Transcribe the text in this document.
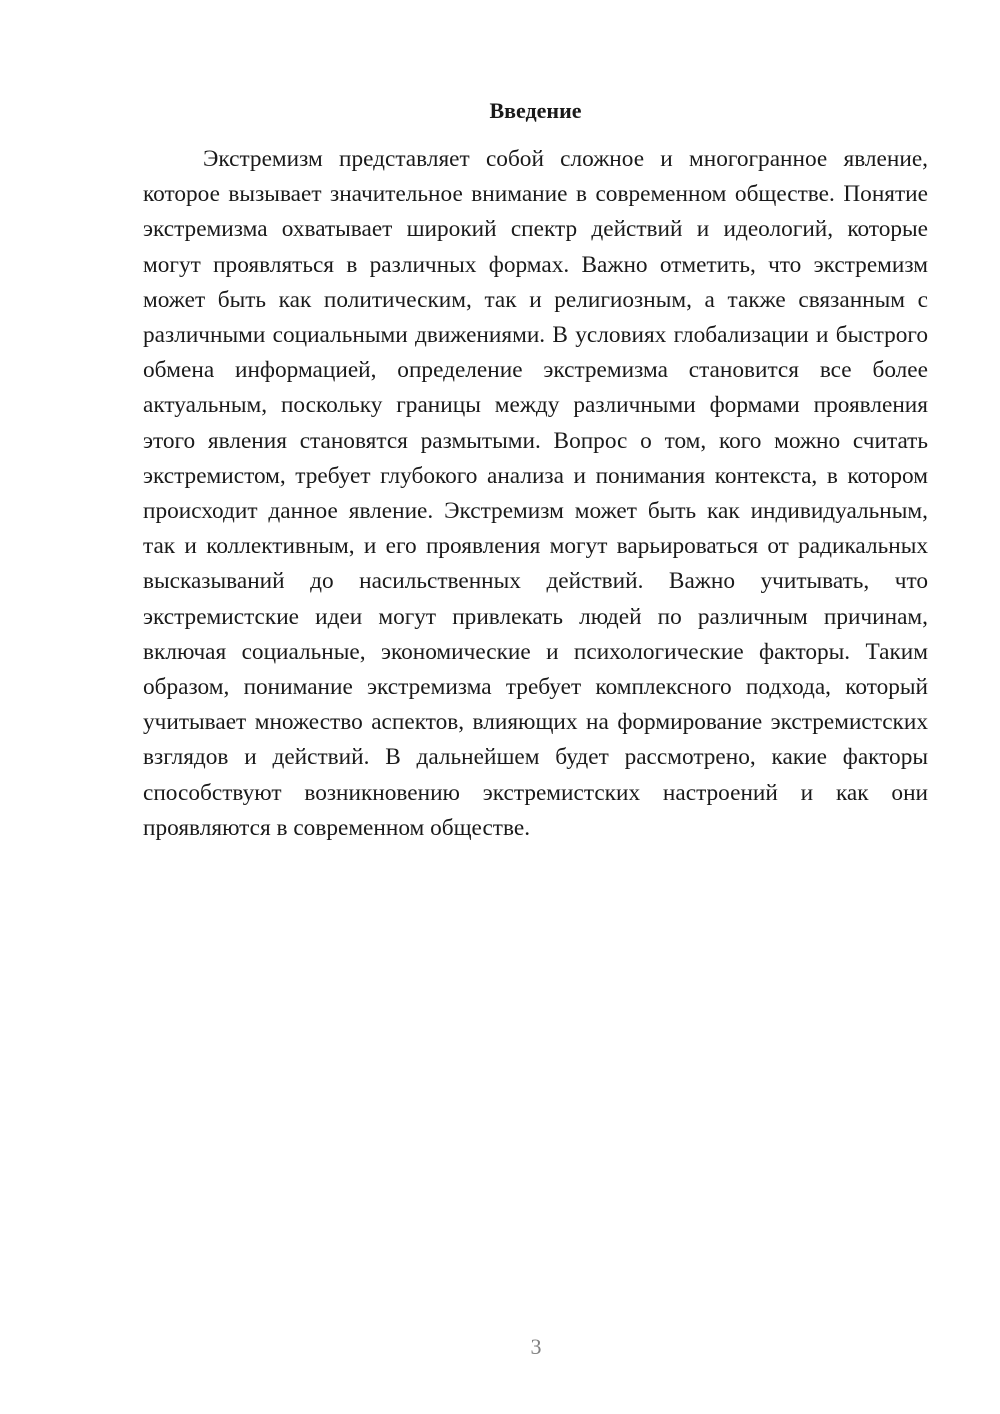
Введение

Экстремизм представляет собой сложное и многогранное явление, которое вызывает значительное внимание в современном обществе. Понятие экстремизма охватывает широкий спектр действий и идеологий, которые могут проявляться в различных формах. Важно отметить, что экстремизм может быть как политическим, так и религиозным, а также связанным с различными социальными движениями. В условиях глобализации и быстрого обмена информацией, определение экстремизма становится все более актуальным, поскольку границы между различными формами проявления этого явления становятся размытыми. Вопрос о том, кого можно считать экстремистом, требует глубокого анализа и понимания контекста, в котором происходит данное явление. Экстремизм может быть как индивидуальным, так и коллективным, и его проявления могут варьироваться от радикальных высказываний до насильственных действий. Важно учитывать, что экстремистские идеи могут привлекать людей по различным причинам, включая социальные, экономические и психологические факторы. Таким образом, понимание экстремизма требует комплексного подхода, который учитывает множество аспектов, влияющих на формирование экстремистских взглядов и действий. В дальнейшем будет рассмотрено, какие факторы способствуют возникновению экстремистских настроений и как они проявляются в современном обществе.

3
